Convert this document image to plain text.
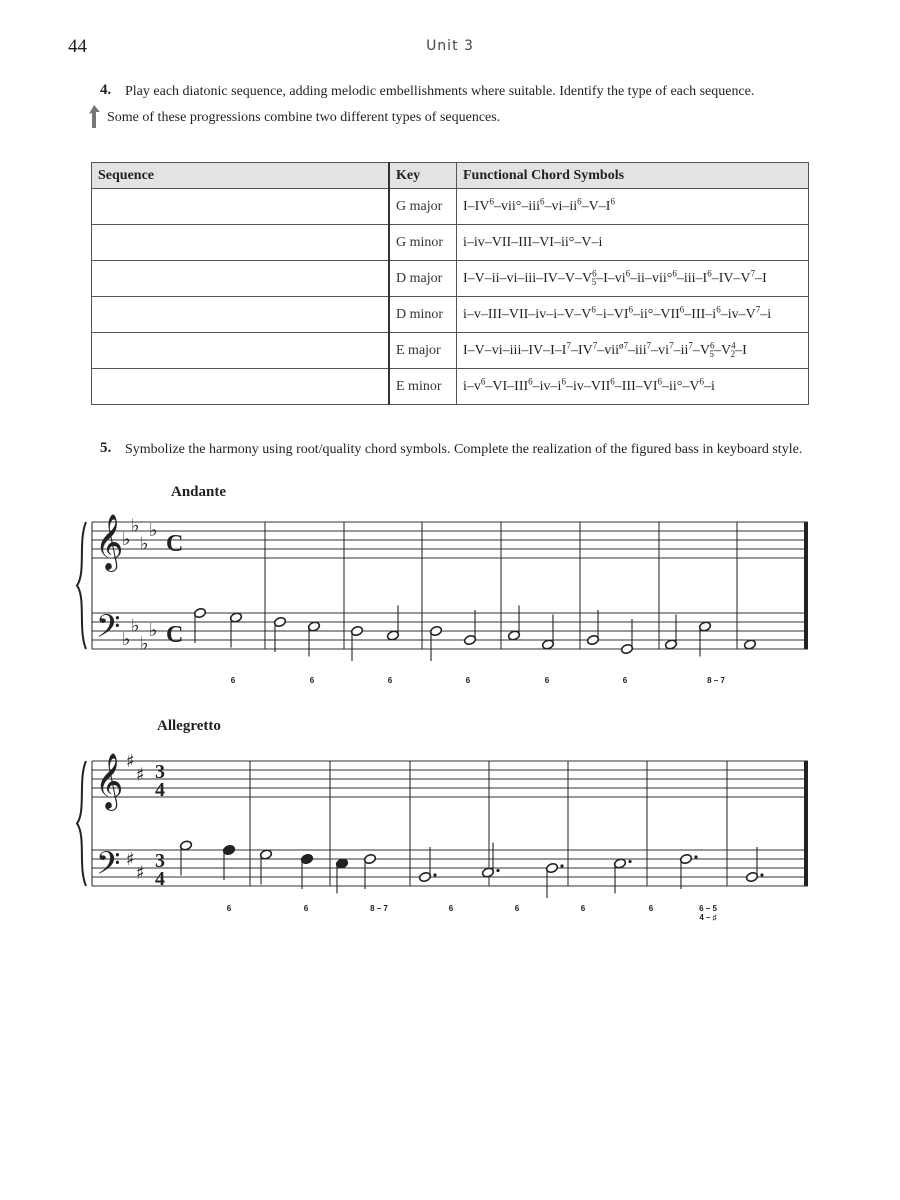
44	Unit 3
4. Play each diatonic sequence, adding melodic embellishments where suitable. Identify the type of each sequence.
Some of these progressions combine two different types of sequences.
Sequence	Key	Functional Chord Symbols
	G major	$I-IV^6-vii^\circ-iii^6-vi-ii^6-V-I^6$
	G minor	i–iv–VII–III–VI–ii°–V–i
	D major	$I-V-ii-vi-iii-IV-V-V^6_5-I-vi^6-ii-vii^\circ^6-iii-I^6-IV-V^7-I$
	D minor	$i-v-III-VII-iv-i-V-V^6-i-VI^6-ii^\circ-VII^6-III-i^6-iv-V^7-i$
	E major	$I-V-vi-iii-IV-I-I^7-IV^7-vii^{ø7}-iii^7-vi^7-ii^7-V^6_5-V^4_2-I$
	E minor	$i-v^6-VI-III^6-iv-i^6-iv-VII^6-III-VI^6-ii^\circ-V^6-i$
5. Symbolize the harmony using root/quality chord symbols. Complete the realization of the figured bass in keyboard style.
Andante
𝄞
𝄢
♭
♭
♭
♭
♭
♭
♭
♭
C
C
6	6	6	6	6	6	8 – 7
𝄞
𝄢
♯
♯
♯
♯
3
4
3
4
6	6	8 – 7	6	6	6	6	6 – 5
4 – ♯
Allegretto
